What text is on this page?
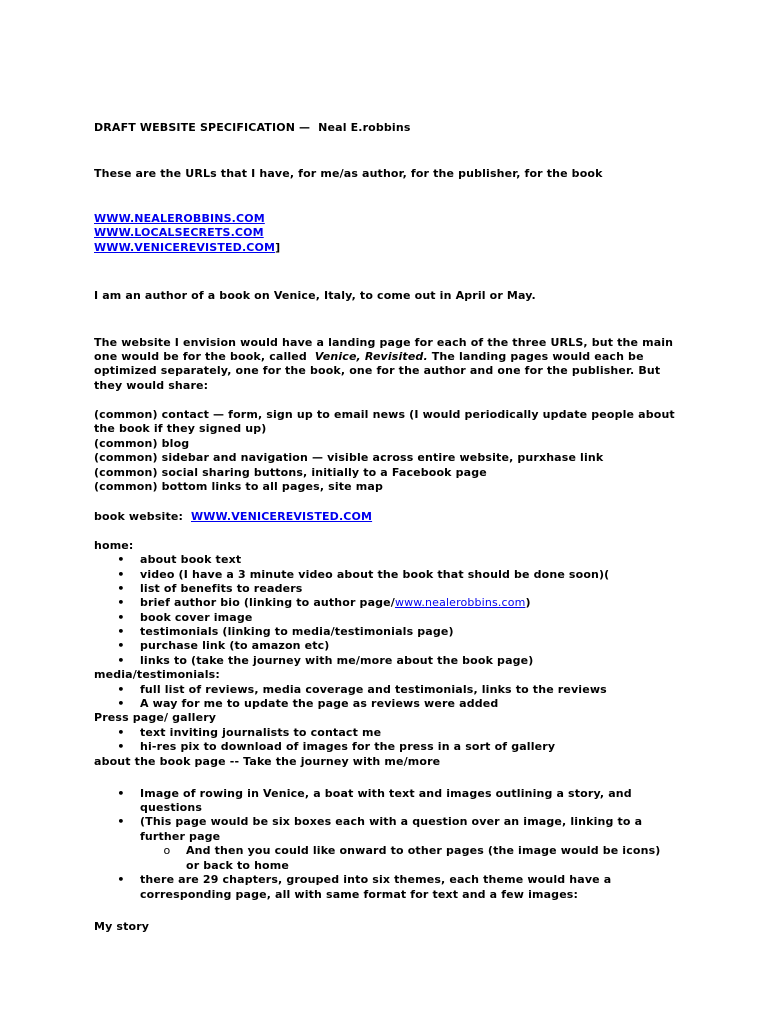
DRAFT WEBSITE SPECIFICATION — Neal E.robbins
These are the URLs that I have, for me/as author, for the publisher, for the book
WWW.NEALEROBBINS.COM
WWW.LOCALSECRETS.COM
WWW.VENICEREVISTED.COM]
I am an author of a book on Venice, Italy, to come out in April or May.
The website I envision would have a landing page for each of the three URLS, but the main
one would be for the book, called Venice, Revisited. The landing pages would each be
optimized separately, one for the book, one for the author and one for the publisher. But
they would share:
(common) contact — form, sign up to email news (I would periodically update people about
the book if they signed up)
(common) blog
(common) sidebar and navigation — visible across entire website, purxhase link
(common) social sharing buttons, initially to a Facebook page
(common) bottom links to all pages, site map
book website: WWW.VENICEREVISTED.COM
home:
• about book text
• video (I have a 3 minute video about the book that should be done soon)(
• list of benefits to readers
• brief author bio (linking to author page/www.nealerobbins.com)
• book cover image
• testimonials (linking to media/testimonials page)
• purchase link (to amazon etc)
• links to (take the journey with me/more about the book page)
media/testimonials:
• full list of reviews, media coverage and testimonials, links to the reviews
• A way for me to update the page as reviews were added
Press page/ gallery
• text inviting journalists to contact me
• hi-res pix to download of images for the press in a sort of gallery
about the book page -- Take the journey with me/more
• Image of rowing in Venice, a boat with text and images outlining a story, and
questions
• (This page would be six boxes each with a question over an image, linking to a
further page
o And then you could like onward to other pages (the image would be icons)
or back to home
• there are 29 chapters, grouped into six themes, each theme would have a
corresponding page, all with same format for text and a few images:
My story
